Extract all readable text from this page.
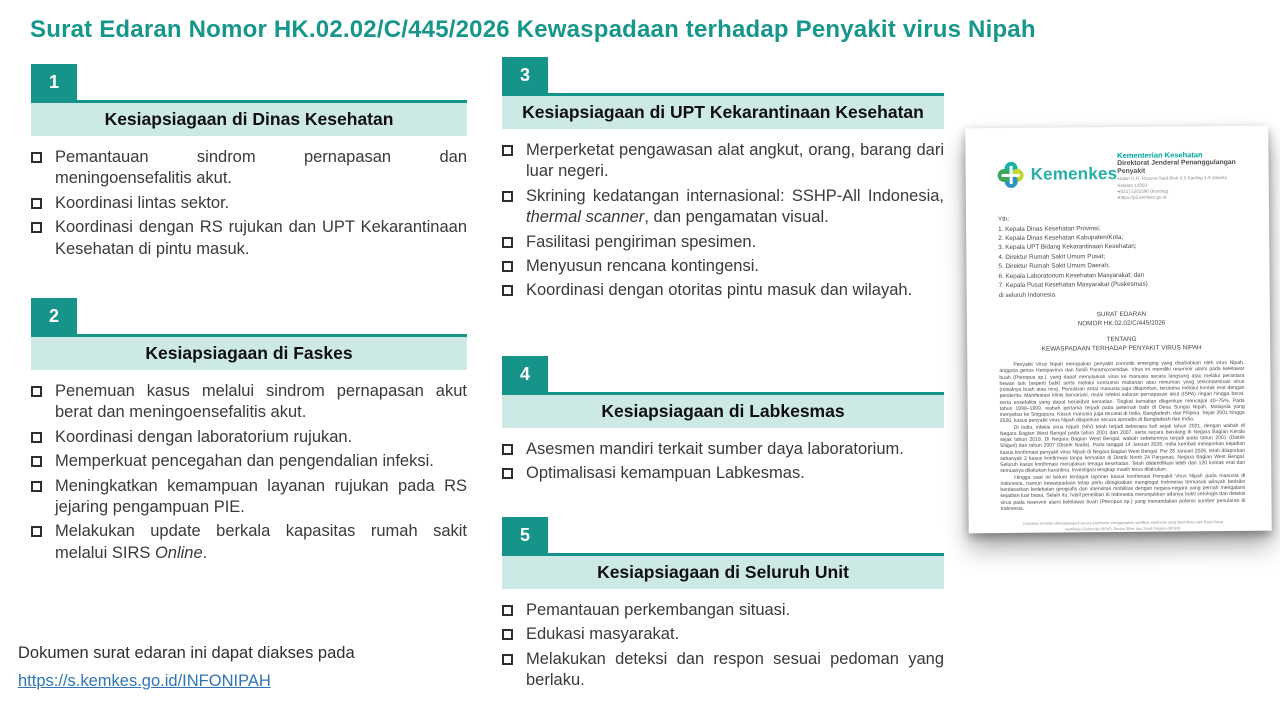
Surat Edaran Nomor HK.02.02/C/445/2026 Kewaspadaan terhadap Penyakit virus Nipah
1
Kesiapsiagaan di Dinas Kesehatan
Pemantauan sindrom pernapasan dan meningoensefalitis akut.
Koordinasi lintas sektor.
Koordinasi dengan RS rujukan dan UPT Kekarantinaan Kesehatan di pintu masuk.
2
Kesiapsiagaan di Faskes
Penemuan kasus melalui sindrom pernapasan akut berat dan meningoensefalitis akut.
Koordinasi dengan laboratorium rujukan.
Memperkuat pencegahan dan pengendalian infeksi.
Meningkatkan kemampuan layanan rujukan pada RS jejaring pengampuan PIE.
Melakukan update berkala kapasitas rumah sakit melalui SIRS Online.
3
Kesiapsiagaan di UPT Kekarantinaan Kesehatan
Merperketat pengawasan alat angkut, orang, barang dari luar negeri.
Skrining kedatangan internasional: SSHP-All Indonesia, thermal scanner, dan pengamatan visual.
Fasilitasi pengiriman spesimen.
Menyusun rencana kontingensi.
Koordinasi dengan otoritas pintu masuk dan wilayah.
4
Kesiapsiagaan di Labkesmas
Asesmen mandiri terkait sumber daya laboratorium.
Optimalisasi kemampuan Labkesmas.
5
Kesiapsiagaan di Seluruh Unit
Pemantauan perkembangan situasi.
Edukasi masyarakat.
Melakukan deteksi dan respon sesuai pedoman yang berlaku.
Dokumen surat edaran ini dapat diakses pada
https://s.kemkes.go.id/INFONIPAH
Kemenkes
Kementerian Kesehatan
Direktorat Jenderal Penanggulangan Penyakit
▪ Jalan H.R. Rasuna Said Blok X.5 Kavling 4-9 Jakarta Selatan 12950
▪ (021) 5201590 (hunting)
▪ https://p2.kemkes.go.id
Yth:
1. Kepala Dinas Kesehatan Provinsi;
2. Kepala Dinas Kesehatan Kabupaten/Kota;
3. Kepala UPT Bidang Kekarantinaan Kesehatan;
4. Direktur Rumah Sakit Umum Pusat;
5. Direktur Rumah Sakit Umum Daerah;
6. Kepala Laboratorium Kesehatan Masyarakat; dan
7. Kepala Pusat Kesehatan Masyarakat (Puskesmas)
di seluruh Indonesia
SURAT EDARAN
NOMOR HK.02.02/C/445/2026
TENTANG
KEWASPADAAN TERHADAP PENYAKIT VIRUS NIPAH

Penyakit Virus Nipah merupakan penyakit zoonotik emerging yang disebabkan oleh virus Nipah, anggota genus Henipavirus dan famili Paramyxoviridae. Virus ini memiliki reservoir alami pada kelelawar buah (Pteropus sp.), yang dapat menularkan virus ke manusia secara langsung atau melalui perantara hewan lain (seperti babi) serta melalui konsumsi makanan atau minuman yang terkontaminasi virus (misalnya buah atau nira). Penularan antar manusia juga dilaporkan, terutama melalui kontak erat dengan penderita. Manifestasi klinis bervariasi, mulai infeksi saluran pernapasan akut (ISPA) ringan hingga berat, serta ensefalitis yang dapat berakibat kematian. Tingkat kematian dilaporkan mencapai 40–75%. Pada tahun 1998–1999, wabah pertama terjadi pada peternak babi di Desa Sungai Nipah, Malaysia yang menyebar ke Singapura. Kasus manusia juga tercatat di India, Bangladesh, dan Filipina. Sejak 2001 hingga 2026, kasus penyakit virus Nipah dilaporkan secara sporadis di Bangladesh dan India.

Di India, infeksi virus Nipah (NiV) telah terjadi beberapa kali sejak tahun 2001, dengan wabah di Negara Bagian West Bengal pada tahun 2001 dan 2007, serta secara berulang di Negara Bagian Kerala sejak tahun 2018. Di Negara Bagian West Bengal, wabah sebelumnya terjadi pada tahun 2001 (Distrik Siliguri) dan tahun 2007 (Distrik Nadia). Pada tanggal 14 Januari 2026, India kembali melaporkan kejadian kasus konfirmasi penyakit virus Nipah di Negara Bagian West Bengal. Per 26 Januari 2026, telah dilaporkan sebanyak 2 kasus konfirmasi tanpa kematian di Distrik North 24 Parganas, Negara Bagian West Bengal. Seluruh kasus konfirmasi merupakan tenaga kesehatan. Telah diidentifikasi lebih dari 120 kontak erat dan semuanya dilakukan karantina. Investigasi lengkap masih terus dilakukan.

Hingga saat ini belum terdapat laporan kasus konfirmasi Penyakit Virus Nipah pada manusia di Indonesia, namun kewaspadaan tetap perlu ditingkatkan mengingat Indonesia termasuk wilayah berisiko berdasarkan kedekatan geografis dan intensitas mobilitas dengan negara-negara yang pernah mengalami kejadian luar biasa. Selain itu, hasil penelitian di Indonesia menunjukkan adanya bukti serologis dan deteksi virus pada reservoir alami kelelawar buah (Pteropus sp.) yang menandakan potensi sumber penularan di Indonesia.

Dokumen ini telah ditandatangani secara elektronik menggunakan sertifikat elektronik yang diterbitkan oleh Balai Besar Sertifikasi Elektronik (BSrE), Badan Siber dan Sandi Negara (BSSN).
